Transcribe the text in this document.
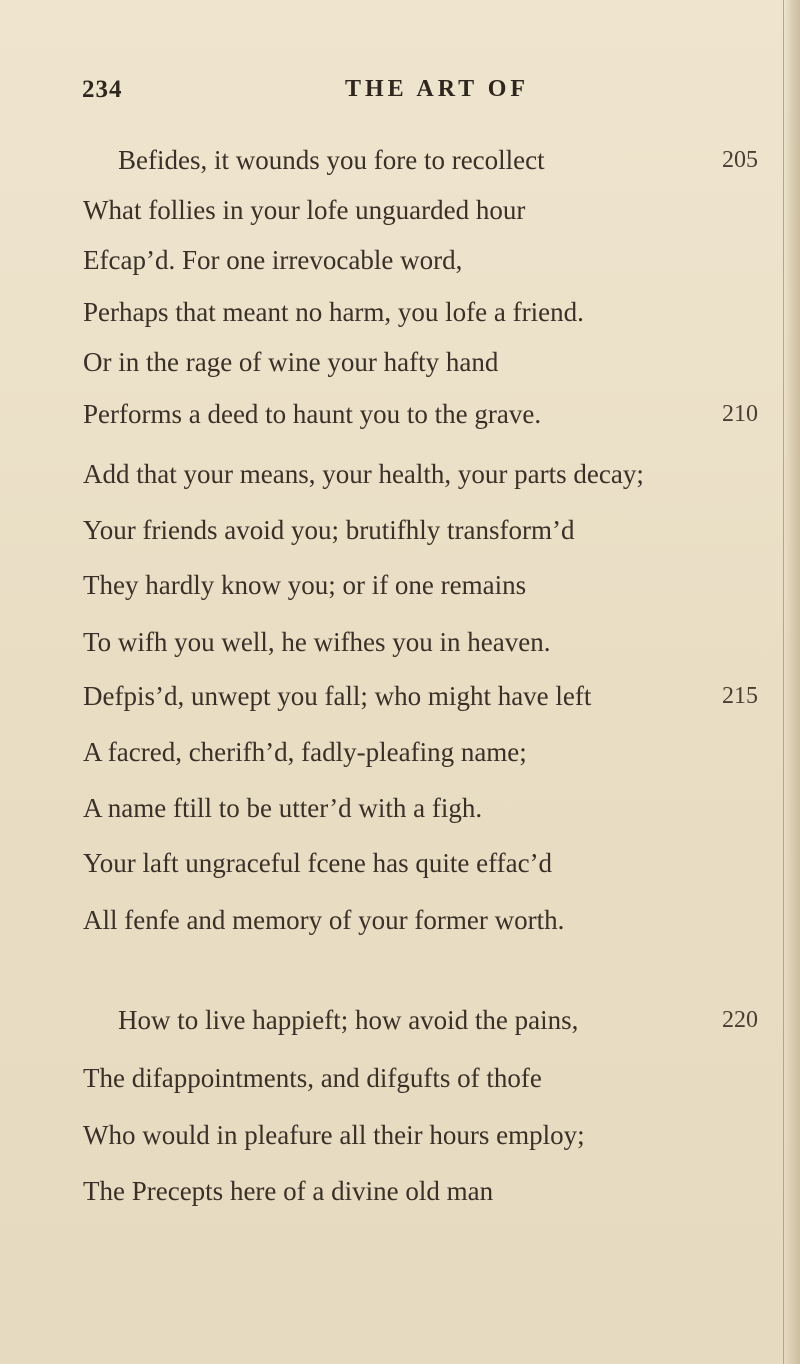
234	THE ART OF
Befides, it wounds you fore to recollect	205
What follies in your lofe unguarded hour
Efcap’d. For one irrevocable word,
Perhaps that meant no harm, you lofe a friend.
Or in the rage of wine your hafty hand
Performs a deed to haunt you to the grave.	210
Add that your means, your health, your parts decay;
Your friends avoid you; brutifhly transform’d
They hardly know you; or if one remains
To wifh you well, he wifhes you in heaven.
Defpis’d, unwept you fall; who might have left	215
A facred, cherifh’d, fadly-pleafing name;
A name ftill to be utter’d with a figh.
Your laft ungraceful fcene has quite effac’d
All fenfe and memory of your former worth.
How to live happieft; how avoid the pains,	220
The difappointments, and difgufts of thofe
Who would in pleafure all their hours employ;
The Precepts here of a divine old man
